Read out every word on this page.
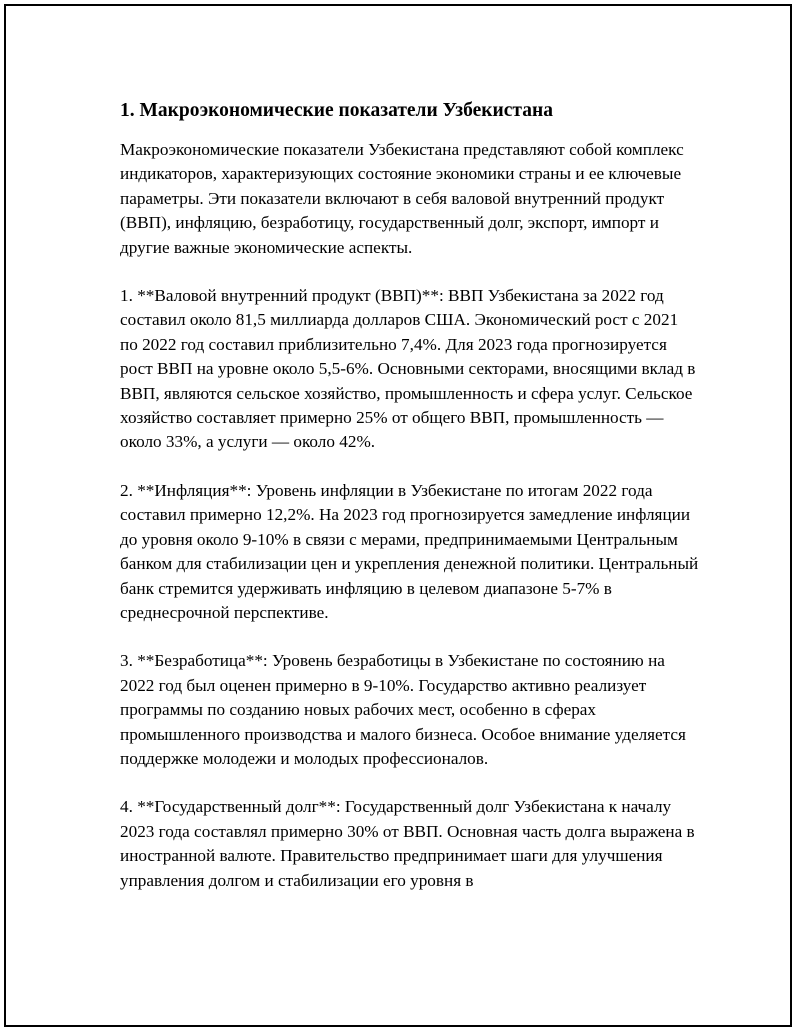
1. Макроэкономические показатели Узбекистана

Макроэкономические показатели Узбекистана представляют собой комплекс индикаторов, характеризующих состояние экономики страны и ее ключевые параметры. Эти показатели включают в себя валовой внутренний продукт (ВВП), инфляцию, безработицу, государственный долг, экспорт, импорт и другие важные экономические аспекты.

1. **Валовой внутренний продукт (ВВП)**: ВВП Узбекистана за 2022 год составил около 81,5 миллиарда долларов США. Экономический рост с 2021 по 2022 год составил приблизительно 7,4%. Для 2023 года прогнозируется рост ВВП на уровне около 5,5-6%. Основными секторами, вносящими вклад в ВВП, являются сельское хозяйство, промышленность и сфера услуг. Сельское хозяйство составляет примерно 25% от общего ВВП, промышленность — около 33%, а услуги — около 42%.

2. **Инфляция**: Уровень инфляции в Узбекистане по итогам 2022 года составил примерно 12,2%. На 2023 год прогнозируется замедление инфляции до уровня около 9-10% в связи с мерами, предпринимаемыми Центральным банком для стабилизации цен и укрепления денежной политики. Центральный банк стремится удерживать инфляцию в целевом диапазоне 5-7% в среднесрочной перспективе.

3. **Безработица**: Уровень безработицы в Узбекистане по состоянию на 2022 год был оценен примерно в 9-10%. Государство активно реализует программы по созданию новых рабочих мест, особенно в сферах промышленного производства и малого бизнеса. Особое внимание уделяется поддержке молодежи и молодых профессионалов.

4. **Государственный долг**: Государственный долг Узбекистана к началу 2023 года составлял примерно 30% от ВВП. Основная часть долга выражена в иностранной валюте. Правительство предпринимает шаги для улучшения управления долгом и стабилизации его уровня в
